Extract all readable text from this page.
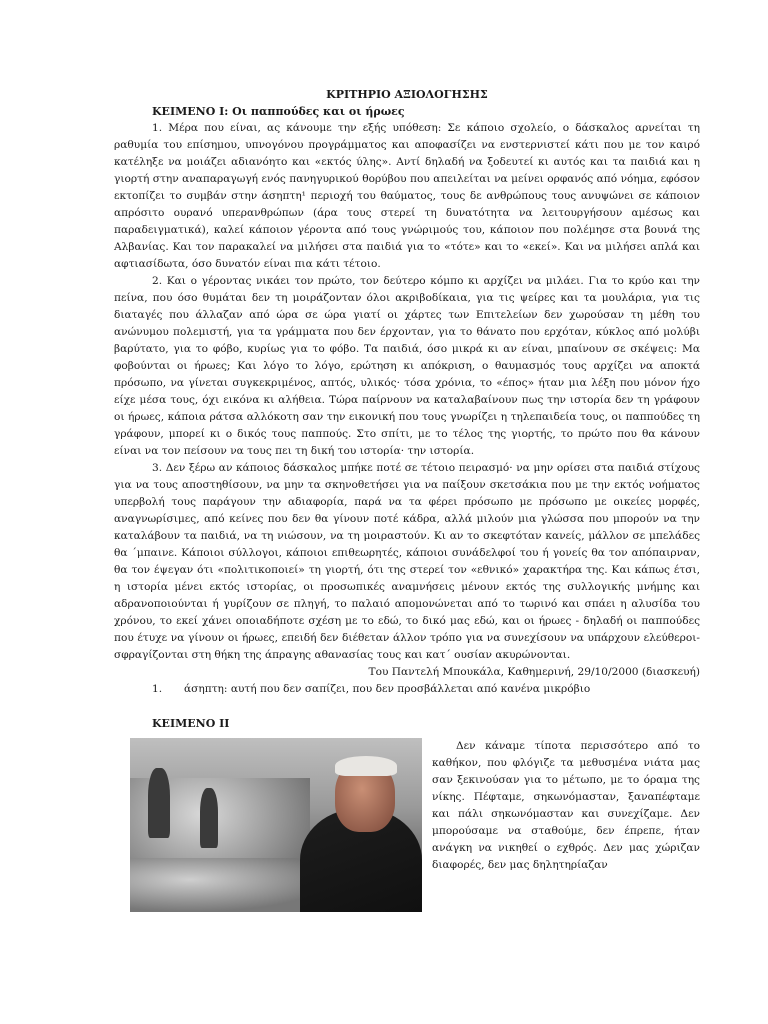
ΚΡΙΤΗΡΙΟ ΑΞΙΟΛΟΓΗΣΗΣ

ΚΕΙΜΕΝΟ Ι: Οι παππούδες και οι ήρωες

1. Μέρα που είναι, ας κάνουμε την εξής υπόθεση: Σε κάποιο σχολείο, ο δάσκαλος αρνείται τη ραθυμία του επίσημου, υπνογόνου προγράμματος και αποφασίζει να ενστερνιστεί κάτι που με τον καιρό κατέληξε να μοιάζει αδιανόητο και «εκτός ύλης». Αντί δηλαδή να ξοδευτεί κι αυτός και τα παιδιά και η γιορτή στην αναπαραγωγή ενός πανηγυρικού θορύβου που απειλείται να μείνει ορφανός από νόημα, εφόσον εκτοπίζει το συμβάν στην άσηπτη¹ περιοχή του θαύματος, τους δε ανθρώπους τους ανυψώνει σε κάποιον απρόσιτο ουρανό υπερανθρώπων (άρα τους στερεί τη δυνατότητα να λειτουργήσουν αμέσως και παραδειγματικά), καλεί κάποιον γέροντα από τους γνώριμούς του, κάποιον που πολέμησε στα βουνά της Αλβανίας. Και τον παρακαλεί να μιλήσει στα παιδιά για το «τότε» και το «εκεί». Και να μιλήσει απλά και αφτιασίδωτα, όσο δυνατόν είναι πια κάτι τέτοιο.

2. Και ο γέροντας νικάει τον πρώτο, τον δεύτερο κόμπο κι αρχίζει να μιλάει. Για το κρύο και την πείνα, που όσο θυμάται δεν τη μοιράζονταν όλοι ακριβοδίκαια, για τις ψείρες και τα μουλάρια, για τις διαταγές που άλλαζαν από ώρα σε ώρα γιατί οι χάρτες των Επιτελείων δεν χωρούσαν τη μέθη του ανώνυμου πολεμιστή, για τα γράμματα που δεν έρχονταν, για το θάνατο που ερχόταν, κύκλος από μολύβι βαρύτατο, για το φόβο, κυρίως για το φόβο. Τα παιδιά, όσο μικρά κι αν είναι, μπαίνουν σε σκέψεις: Μα φοβούνται οι ήρωες; Και λόγο το λόγο, ερώτηση κι απόκριση, ο θαυμασμός τους αρχίζει να αποκτά πρόσωπο, να γίνεται συγκεκριμένος, απτός, υλικός· τόσα χρόνια, το «έπος» ήταν μια λέξη που μόνον ήχο είχε μέσα τους, όχι εικόνα κι αλήθεια. Τώρα παίρνουν να καταλαβαίνουν πως την ιστορία δεν τη γράφουν οι ήρωες, κάποια ράτσα αλλόκοτη σαν την εικονική που τους γνωρίζει η τηλεπαιδεία τους, οι παππούδες τη γράφουν, μπορεί κι ο δικός τους παππούς. Στο σπίτι, με το τέλος της γιορτής, το πρώτο που θα κάνουν είναι να τον πείσουν να τους πει τη δική του ιστορία· την ιστορία.

3. Δεν ξέρω αν κάποιος δάσκαλος μπήκε ποτέ σε τέτοιο πειρασμό· να μην ορίσει στα παιδιά στίχους για να τους αποστηθίσουν, να μην τα σκηνοθετήσει για να παίξουν σκετσάκια που με την εκτός νοήματος υπερβολή τους παράγουν την αδιαφορία, παρά να τα φέρει πρόσωπο με πρόσωπο με οικείες μορφές, αναγνωρίσιμες, από κείνες που δεν θα γίνουν ποτέ κάδρα, αλλά μιλούν μια γλώσσα που μπορούν να την καταλάβουν τα παιδιά, να τη νιώσουν, να τη μοιραστούν. Κι αν το σκεφτόταν κανείς, μάλλον σε μπελάδες θα ΄μπαινε. Κάποιοι σύλλογοι, κάποιοι επιθεωρητές, κάποιοι συνάδελφοί του ή γονείς θα τον απόπαιρναν, θα τον έψεγαν ότι «πολιτικοποιεί» τη γιορτή, ότι της στερεί τον «εθνικό» χαρακτήρα της. Και κάπως έτσι, η ιστορία μένει εκτός ιστορίας, οι προσωπικές αναμνήσεις μένουν εκτός της συλλογικής μνήμης και αδρανοποιούνται ή γυρίζουν σε πληγή, το παλαιό απομονώνεται από το τωρινό και σπάει η αλυσίδα του χρόνου, το εκεί χάνει οποιαδήποτε σχέση με το εδώ, το δικό μας εδώ, και οι ήρωες - δηλαδή οι παππούδες που έτυχε να γίνουν οι ήρωες, επειδή δεν διέθεταν άλλον τρόπο για να συνεχίσουν να υπάρχουν ελεύθεροι- σφραγίζονται στη θήκη της άπραγης αθανασίας τους και κατ΄ ουσίαν ακυρώνονται.

Του Παντελή Μπουκάλα, Καθημερινή, 29/10/2000 (διασκευή)

1. άσηπτη: αυτή που δεν σαπίζει, που δεν προσβάλλεται από κανένα μικρόβιο

ΚΕΙΜΕΝΟ ΙΙ

Δεν κάναμε τίποτα περισσότερο από το καθήκον, που φλόγιζε τα μεθυσμένα νιάτα μας σαν ξεκινούσαν για το μέτωπο, με το όραμα της νίκης. Πέφταμε, σηκωνόμασταν, ξαναπέφταμε και πάλι σηκωνόμασταν και συνεχίζαμε. Δεν μπορούσαμε να σταθούμε, δεν έπρεπε, ήταν ανάγκη να νικηθεί ο εχθρός. Δεν μας χώριζαν διαφορές, δεν μας δηλητηρίαζαν
